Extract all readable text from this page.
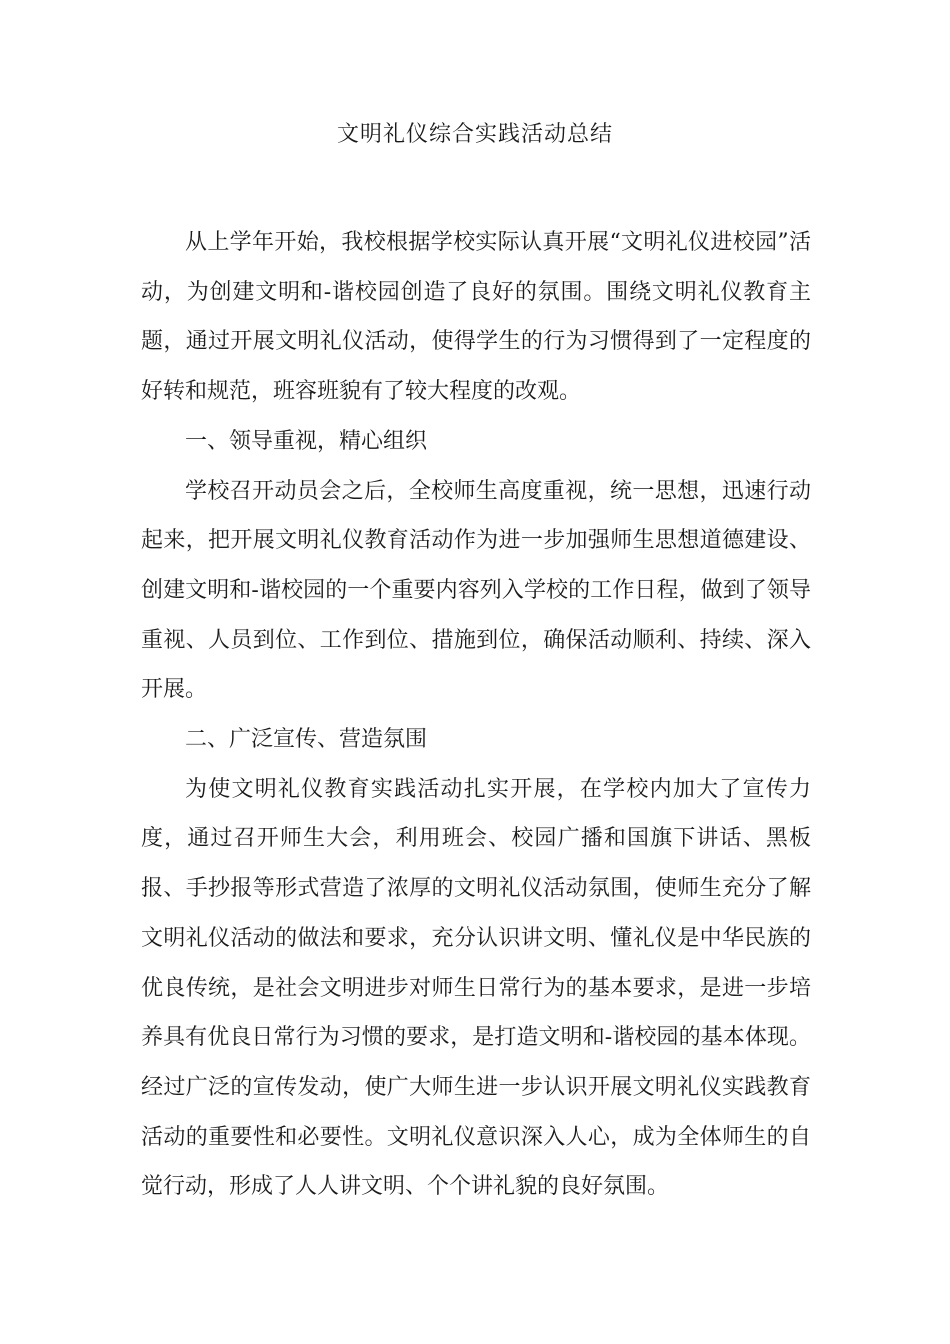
文明礼仪综合实践活动总结

从上学年开始，我校根据学校实际认真开展“文明礼仪进校园”活动，为创建文明和-谐校园创造了良好的氛围。围绕文明礼仪教育主题，通过开展文明礼仪活动，使得学生的行为习惯得到了一定程度的好转和规范，班容班貌有了较大程度的改观。

一、领导重视，精心组织

学校召开动员会之后，全校师生高度重视，统一思想，迅速行动起来，把开展文明礼仪教育活动作为进一步加强师生思想道德建设、创建文明和-谐校园的一个重要内容列入学校的工作日程，做到了领导重视、人员到位、工作到位、措施到位，确保活动顺利、持续、深入开展。

二、广泛宣传、营造氛围

为使文明礼仪教育实践活动扎实开展，在学校内加大了宣传力度，通过召开师生大会，利用班会、校园广播和国旗下讲话、黑板报、手抄报等形式营造了浓厚的文明礼仪活动氛围，使师生充分了解文明礼仪活动的做法和要求，充分认识讲文明、懂礼仪是中华民族的优良传统，是社会文明进步对师生日常行为的基本要求，是进一步培养具有优良日常行为习惯的要求，是打造文明和-谐校园的基本体现。经过广泛的宣传发动，使广大师生进一步认识开展文明礼仪实践教育活动的重要性和必要性。文明礼仪意识深入人心，成为全体师生的自觉行动，形成了人人讲文明、个个讲礼貌的良好氛围。
